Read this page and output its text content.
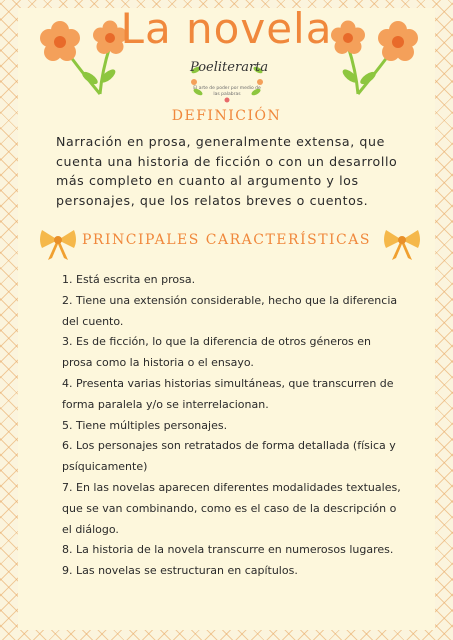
La novela
Poeliterarta
El arte de poder por medio de las palabras
DEFINICIÓN
Narración en prosa, generalmente extensa, que cuenta una historia de ficción o con un desarrollo más completo en cuanto al argumento y los personajes, que los relatos breves o cuentos.
PRINCIPALES CARACTERÍSTICAS
1. Está escrita en prosa.
2. Tiene una extensión considerable, hecho que la diferencia del cuento.
3. Es de ficción, lo que la diferencia de otros géneros en prosa como la historia o el ensayo.
4. Presenta varias historias simultáneas, que transcurren de forma paralela y/o se interrelacionan.
5. Tiene múltiples personajes.
6. Los personajes son retratados de forma detallada (física y psíquicamente)
7. En las novelas aparecen diferentes modalidades textuales, que se van combinando, como es el caso de la descripción o el diálogo.
8. La historia de la novela transcurre en numerosos lugares.
9. Las novelas se estructuran en capítulos.
